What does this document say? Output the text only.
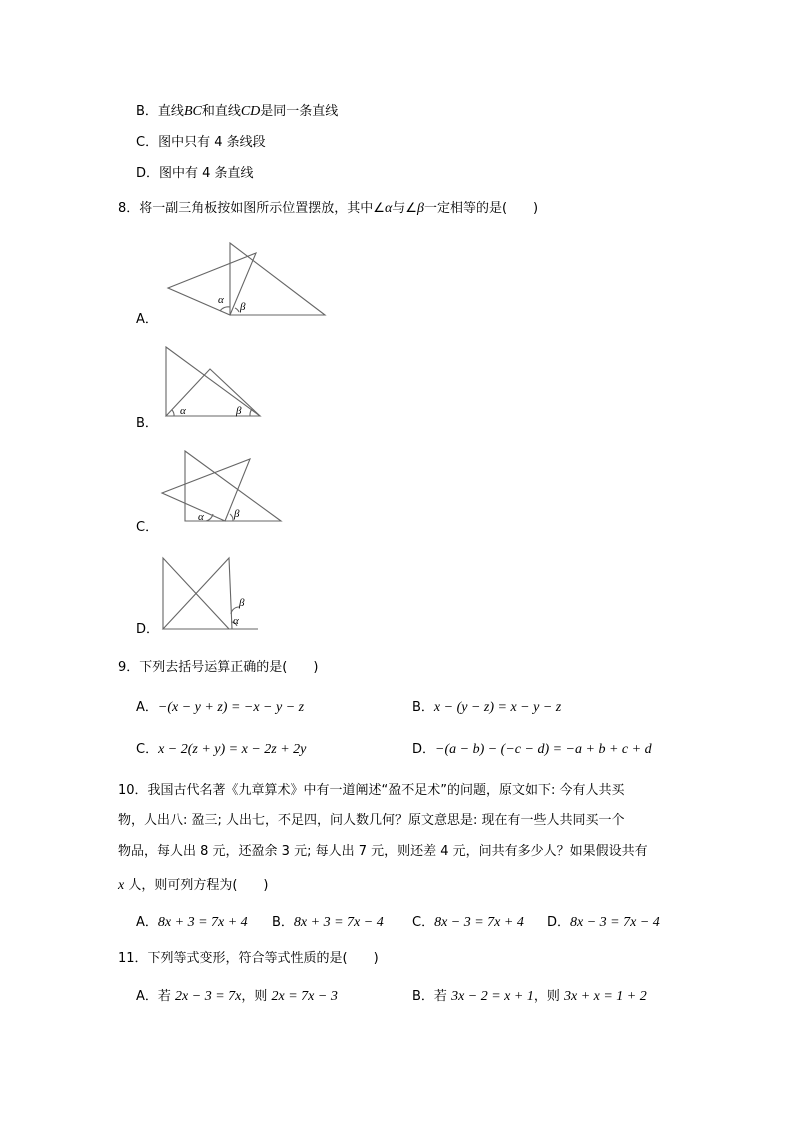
B．直线BC和直线CD是同一条直线
C．图中只有 4 条线段
D．图中有 4 条直线
8．将一副三角板按如图所示位置摆放，其中∠α与∠β一定相等的是(　　)
A．
α
β
B．
α	β
C．
α	β
D．
β
α
9．下列去括号运算正确的是(　　)
A．−(x − y + z) = −x − y − z	B．x − (y − z) = x − y − z
C．x − 2(z + y) = x − 2z + 2y	D．−(a − b) − (−c − d) = −a + b + c + d
10．我国古代名著《九章算术》中有一道阐述“盈不足术”的问题，原文如下: 今有人共买
物，人出八: 盈三; 人出七，不足四，问人数几何？原文意思是: 现在有一些人共同买一个
物品，每人出 8 元，还盈余 3 元; 每人出 7 元，则还差 4 元，问共有多少人？如果假设共有
x 人，则可列方程为(　　)
A．8x + 3 = 7x + 4 B．8x + 3 = 7x − 4 C．8x − 3 = 7x + 4 D．8x − 3 = 7x − 4
11．下列等式变形，符合等式性质的是(　　)
A．若 2x − 3 = 7x，则 2x = 7x − 3	B．若 3x − 2 = x + 1，则 3x + x = 1 + 2
